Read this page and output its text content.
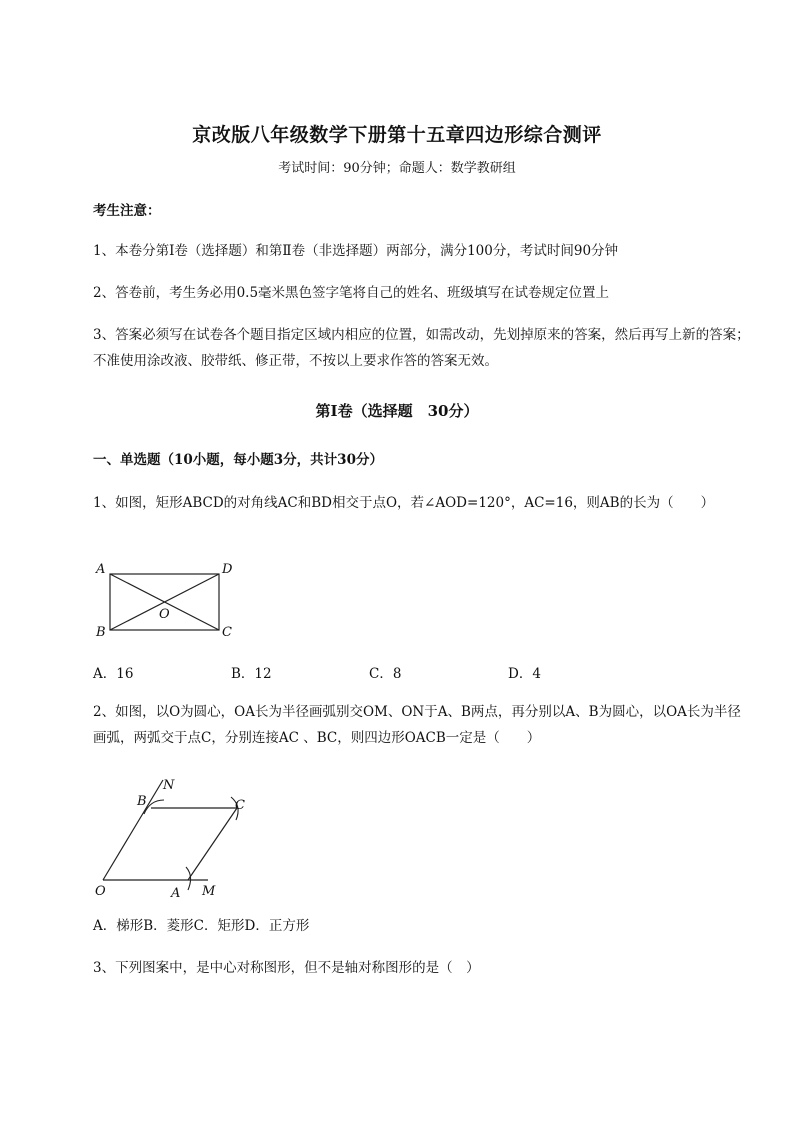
京改版八年级数学下册第十五章四边形综合测评
考试时间：90分钟；命题人：数学教研组
考生注意：
1、本卷分第I卷（选择题）和第Ⅱ卷（非选择题）两部分，满分100分，考试时间90分钟
2、答卷前，考生务必用0.5毫米黑色签字笔将自己的姓名、班级填写在试卷规定位置上
3、答案必须写在试卷各个题目指定区域内相应的位置，如需改动，先划掉原来的答案，然后再写上新的答案；不准使用涂改液、胶带纸、修正带，不按以上要求作答的答案无效。
第I卷（选择题　30分）
一、单选题（10小题，每小题3分，共计30分）
1、如图，矩形ABCD的对角线AC和BD相交于点O，若∠AOD=120°，AC=16，则AB的长为（　　）
A	D
B	C
O
A．16	B．12	C．8	D．4
2、如图，以O为圆心，OA长为半径画弧别交OM、ON于A、B两点，再分别以A、B为圆心，以OA长为半径画弧，两弧交于点C，分别连接AC 、BC，则四边形OACB一定是（　　）
N
B	C
O	A M
A．梯形B．菱形C．矩形D．正方形
3、下列图案中，是中心对称图形，但不是轴对称图形的是（　）
